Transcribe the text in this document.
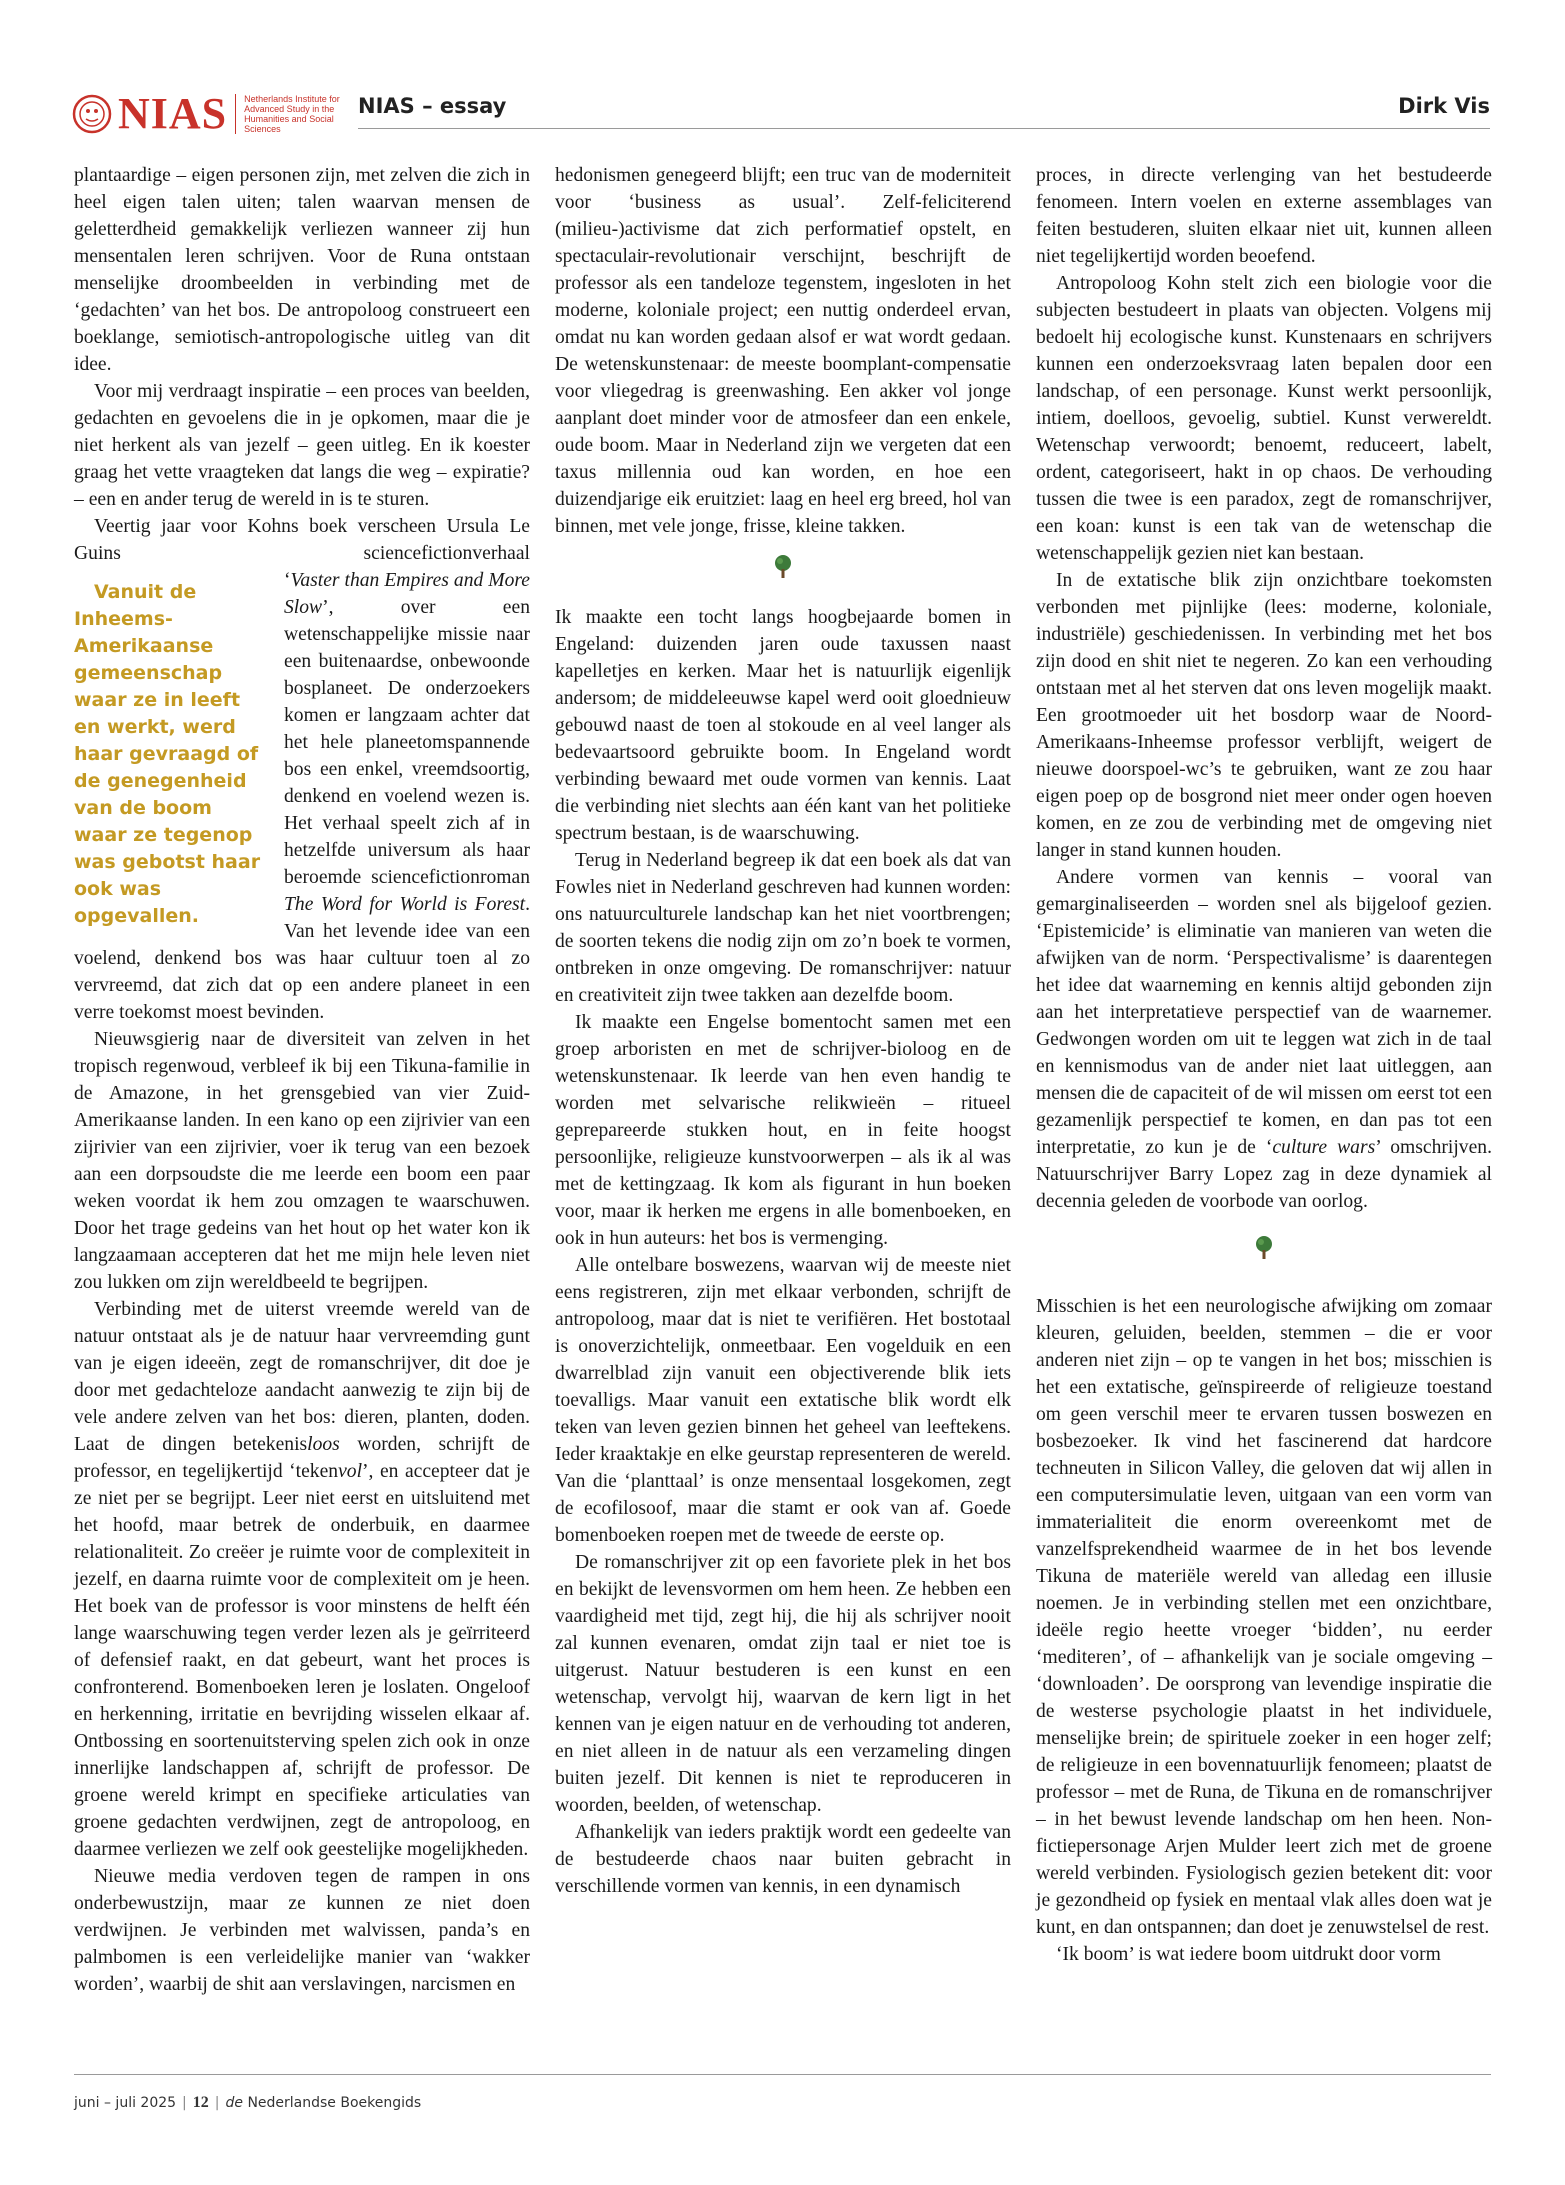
NIAS Netherlands Institute for Advanced Study in the Humanities and Social Sciences
NIAS – essay	Dirk Vis

plantaardige – eigen personen zijn, met zelven die zich in heel eigen talen uiten; talen waarvan mensen de geletterdheid gemakkelijk verliezen wanneer zij hun mensentalen leren schrijven. Voor de Runa ontstaan menselijke droombeelden in verbinding met de ‘gedachten’ van het bos. De antropoloog construeert een boeklange, semiotisch-antropologische uitleg van dit idee.

Voor mij verdraagt inspiratie – een proces van beelden, gedachten en gevoelens die in je opkomen, maar die je niet herkent als van jezelf – geen uitleg. En ik koester graag het vette vraagteken dat langs die weg – expiratie? – een en ander terug de wereld in is te sturen.

Veertig jaar voor Kohns boek verscheen Ursula Le Guins sciencefictionverhaal ‘
Vanuit de Inheems-Amerikaanse gemeenschap waar ze in leeft en werkt, werd haar gevraagd of de genegenheid van de boom waar ze tegenop was gebotst haar ook was opgevallen.
Vaster than Empires and More Slow’, over een wetenschappelijke missie naar een buitenaardse, onbewoonde bosplaneet. De onderzoekers komen er langzaam achter dat het hele planeetomspannende bos een enkel, vreemdsoortig, denkend en voelend wezen is. Het verhaal speelt zich af in hetzelfde universum als haar beroemde sciencefictionroman The Word for World is Forest. Van het levende idee van een voelend, denkend bos was haar cultuur toen al zo vervreemd, dat zich dat op een andere planeet in een verre toekomst moest bevinden.

Nieuwsgierig naar de diversiteit van zelven in het tropisch regenwoud, verbleef ik bij een Tikuna-familie in de Amazone, in het grensgebied van vier Zuid-Amerikaanse landen. In een kano op een zijrivier van een zijrivier van een zijrivier, voer ik terug van een bezoek aan een dorpsoudste die me leerde een boom een paar weken voordat ik hem zou omzagen te waarschuwen. Door het trage gedeins van het hout op het water kon ik langzaamaan accepteren dat het me mijn hele leven niet zou lukken om zijn wereldbeeld te begrijpen.

Verbinding met de uiterst vreemde wereld van de natuur ontstaat als je de natuur haar vervreemding gunt van je eigen ideeën, zegt de romanschrijver, dit doe je door met gedachteloze aandacht aanwezig te zijn bij de vele andere zelven van het bos: dieren, planten, doden. Laat de dingen betekenisloos worden, schrijft de professor, en tegelijkertijd ‘tekenvol’, en accepteer dat je ze niet per se begrijpt. Leer niet eerst en uitsluitend met het hoofd, maar betrek de onderbuik, en daarmee relationaliteit. Zo creëer je ruimte voor de complexiteit in jezelf, en daarna ruimte voor de complexiteit om je heen. Het boek van de professor is voor minstens de helft één lange waarschuwing tegen verder lezen als je geïrriteerd of defensief raakt, en dat gebeurt, want het proces is confronterend. Bomenboeken leren je loslaten. Ongeloof en herkenning, irritatie en bevrijding wisselen elkaar af. Ontbossing en soortenuitsterving spelen zich ook in onze innerlijke landschappen af, schrijft de professor. De groene wereld krimpt en specifieke articulaties van groene gedachten verdwijnen, zegt de antropoloog, en daarmee verliezen we zelf ook geestelijke mogelijkheden.

Nieuwe media verdoven tegen de rampen in ons onderbewustzijn, maar ze kunnen ze niet doen verdwijnen. Je verbinden met walvissen, panda’s en palmbomen is een verleidelijke manier van ‘wakker worden’, waarbij de shit aan verslavingen, narcismen en

hedonismen genegeerd blijft; een truc van de moderniteit voor ‘business as usual’. Zelf-feliciterend (milieu-)activisme dat zich performatief opstelt, en spectaculair-revolutionair verschijnt, beschrijft de professor als een tandeloze tegenstem, ingesloten in het moderne, koloniale project; een nuttig onderdeel ervan, omdat nu kan worden gedaan alsof er wat wordt gedaan. De wetenskunstenaar: de meeste boomplant-compensatie voor vliegedrag is greenwashing. Een akker vol jonge aanplant doet minder voor de atmosfeer dan een enkele, oude boom. Maar in Nederland zijn we vergeten dat een taxus millennia oud kan worden, en hoe een duizendjarige eik eruitziet: laag en heel erg breed, hol van binnen, met vele jonge, frisse, kleine takken.

Ik maakte een tocht langs hoogbejaarde bomen in Engeland: duizenden jaren oude taxussen naast kapelletjes en kerken. Maar het is natuurlijk eigenlijk andersom; de middeleeuwse kapel werd ooit gloednieuw gebouwd naast de toen al stokoude en al veel langer als bedevaartsoord gebruikte boom. In Engeland wordt verbinding bewaard met oude vormen van kennis. Laat die verbinding niet slechts aan één kant van het politieke spectrum bestaan, is de waarschuwing.

Terug in Nederland begreep ik dat een boek als dat van Fowles niet in Nederland geschreven had kunnen worden: ons natuurculturele landschap kan het niet voortbrengen; de soorten tekens die nodig zijn om zo’n boek te vormen, ontbreken in onze omgeving. De romanschrijver: natuur en creativiteit zijn twee takken aan dezelfde boom.

Ik maakte een Engelse bomentocht samen met een groep arboristen en met de schrijver-bioloog en de wetenskunstenaar. Ik leerde van hen even handig te worden met selvarische relikwieën – ritueel geprepareerde stukken hout, en in feite hoogst persoonlijke, religieuze kunstvoorwerpen – als ik al was met de kettingzaag. Ik kom als figurant in hun boeken voor, maar ik herken me ergens in alle bomenboeken, en ook in hun auteurs: het bos is vermenging.

Alle ontelbare boswezens, waarvan wij de meeste niet eens registreren, zijn met elkaar verbonden, schrijft de antropoloog, maar dat is niet te verifiëren. Het bostotaal is onoverzichtelijk, onmeetbaar. Een vogelduik en een dwarrelblad zijn vanuit een objectiverende blik iets toevalligs. Maar vanuit een extatische blik wordt elk teken van leven gezien binnen het geheel van leeftekens. Ieder kraaktakje en elke geurstap representeren de wereld. Van die ‘planttaal’ is onze mensentaal losgekomen, zegt de ecofilosoof, maar die stamt er ook van af. Goede bomenboeken roepen met de tweede de eerste op.

De romanschrijver zit op een favoriete plek in het bos en bekijkt de levensvormen om hem heen. Ze hebben een vaardigheid met tijd, zegt hij, die hij als schrijver nooit zal kunnen evenaren, omdat zijn taal er niet toe is uitgerust. Natuur bestuderen is een kunst en een wetenschap, vervolgt hij, waarvan de kern ligt in het kennen van je eigen natuur en de verhouding tot anderen, en niet alleen in de natuur als een verzameling dingen buiten jezelf. Dit kennen is niet te reproduceren in woorden, beelden, of wetenschap.

Afhankelijk van ieders praktijk wordt een gedeelte van de bestudeerde chaos naar buiten gebracht in verschillende vormen van kennis, in een dynamisch

proces, in directe verlenging van het bestudeerde fenomeen. Intern voelen en externe assemblages van feiten bestuderen, sluiten elkaar niet uit, kunnen alleen niet tegelijkertijd worden beoefend.

Antropoloog Kohn stelt zich een biologie voor die subjecten bestudeert in plaats van objecten. Volgens mij bedoelt hij ecologische kunst. Kunstenaars en schrijvers kunnen een onderzoeksvraag laten bepalen door een landschap, of een personage. Kunst werkt persoonlijk, intiem, doelloos, gevoelig, subtiel. Kunst verwereldt. Wetenschap verwoordt; benoemt, reduceert, labelt, ordent, categoriseert, hakt in op chaos. De verhouding tussen die twee is een paradox, zegt de romanschrijver, een koan: kunst is een tak van de wetenschap die wetenschappelijk gezien niet kan bestaan.

In de extatische blik zijn onzichtbare toekomsten verbonden met pijnlijke (lees: moderne, koloniale, industriële) geschiedenissen. In verbinding met het bos zijn dood en shit niet te negeren. Zo kan een verhouding ontstaan met al het sterven dat ons leven mogelijk maakt. Een grootmoeder uit het bosdorp waar de Noord-Amerikaans-Inheemse professor verblijft, weigert de nieuwe doorspoel-wc’s te gebruiken, want ze zou haar eigen poep op de bosgrond niet meer onder ogen hoeven komen, en ze zou de verbinding met de omgeving niet langer in stand kunnen houden.

Andere vormen van kennis – vooral van gemarginaliseerden – worden snel als bijgeloof gezien. ‘Epistemicide’ is eliminatie van manieren van weten die afwijken van de norm. ‘Perspectivalisme’ is daarentegen het idee dat waarneming en kennis altijd gebonden zijn aan het interpretatieve perspectief van de waarnemer. Gedwongen worden om uit te leggen wat zich in de taal en kennismodus van de ander niet laat uitleggen, aan mensen die de capaciteit of de wil missen om eerst tot een gezamenlijk perspectief te komen, en dan pas tot een interpretatie, zo kun je de ‘culture wars’ omschrijven. Natuurschrijver Barry Lopez zag in deze dynamiek al decennia geleden de voorbode van oorlog.

Misschien is het een neurologische afwijking om zomaar kleuren, geluiden, beelden, stemmen – die er voor anderen niet zijn – op te vangen in het bos; misschien is het een extatische, geïnspireerde of religieuze toestand om geen verschil meer te ervaren tussen boswezen en bosbezoeker. Ik vind het fascinerend dat hardcore techneuten in Silicon Valley, die geloven dat wij allen in een computersimulatie leven, uitgaan van een vorm van immaterialiteit die enorm overeenkomt met de vanzelfsprekendheid waarmee de in het bos levende Tikuna de materiële wereld van alledag een illusie noemen. Je in verbinding stellen met een onzichtbare, ideële regio heette vroeger ‘bidden’, nu eerder ‘mediteren’, of – afhankelijk van je sociale omgeving – ‘downloaden’. De oorsprong van levendige inspiratie die de westerse psychologie plaatst in het individuele, menselijke brein; de spirituele zoeker in een hoger zelf; de religieuze in een bovennatuurlijk fenomeen; plaatst de professor – met de Runa, de Tikuna en de romanschrijver – in het bewust levende landschap om hen heen. Non-fictiepersonage Arjen Mulder leert zich met de groene wereld verbinden. Fysiologisch gezien betekent dit: voor je gezondheid op fysiek en mentaal vlak alles doen wat je kunt, en dan ontspannen; dan doet je zenuwstelsel de rest.

‘Ik boom’ is wat iedere boom uitdrukt door vorm

juni – juli 2025 | 12 | de Nederlandse Boekengids
